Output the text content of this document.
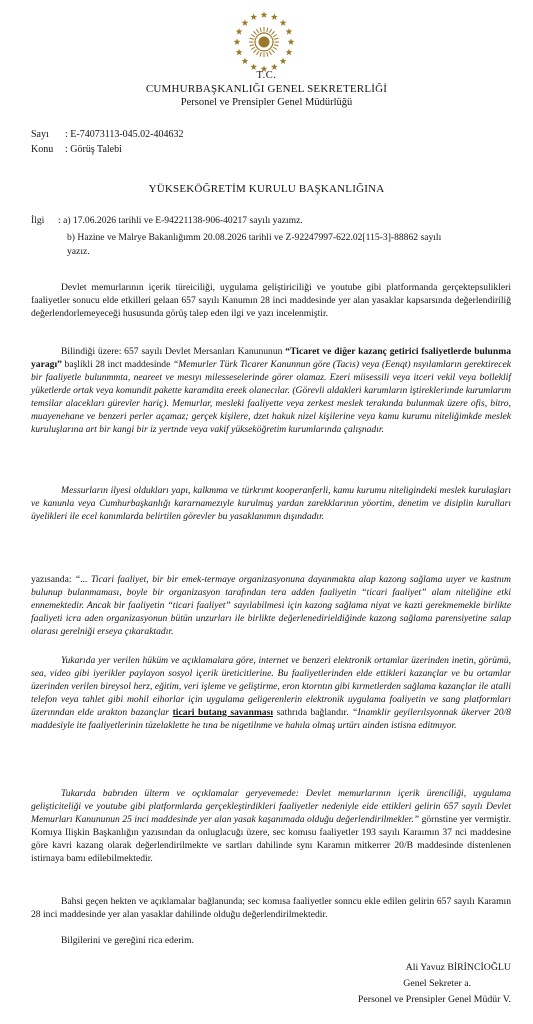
T.C.
CUMHURBAŞKANLIĞI GENEL SEKRETERLİĞİ
Personel ve Prensipler Genel Müdürlüğü
Sayı : E-74073113-045.02-404632
Konu : Görüş Talebi
YÜKSEKÖĞRETİM KURULU BAŞKANLIĞINA
İlgi : a) 17.06.2026 tarihli ve E-94221138-906-40217 sayılı yazımz.
b) Hazine ve Malrye Bakanlığımm 20.08.2026 tarihli ve Z-92247997-622.02[115-3]-88862 sayılı
yazız.
Devlet memurlarının içerik türeiciliği, uygulama geliştiriciliği ve youtube gibi platformanda gerçektepsulikleri faaliyetler sonucu elde etkilleri gelaan 657 sayılı Kanumın 28 inci maddesinde yer alan yasaklar kapsarsında değerlendiriliğ değerlendorlemeyeceği hususunda görüş talep eden ilgi ve yazı incelenmiştir.
Bilindiği üzere: 657 sayılı Devlet Mersanları Kanununun “Ticaret ve diğer kazanç getirici fsaliyetlerde bulunma yaragı” başlikli 28 inct maddesinde “Memurler Türk Ticarer Kanunnun göre (Tacıs) veya (Eenqt) nsyılamların gerektirecek bir faaliyetle bulunmmta, neareet ve mesıyı milesseselerinde görer olamaz. Ezeri miisessili veya itceri vekil veya bolleklif yüketlerde ortak veya komundit pakette karamdita ereek olanecılar. (Görevli aldakleri karumların iştirekleriınde kurumlarım temsilar alacekları gürevler hariç). Memurlar, mesleki faaliyette veya zerkest meslek terakında bulunmak üzere ofis, bitro, muayenehane ve benzeri perler açamaz; gerçek kişilere, dzet hakuk nizel kişilerine veya kamu kurumu niteliğimkde meslek kuruluşlarına art bir kangi bir iz yertnde veya vakif yükseköğretim kurumlarında çalışnadır.
Messurların ilyesi oldukları yapı, kalkmma ve türkrımt kooperanferli, kamu kurumu niteligindeki meslek kurulaşları ve kanunla veya Cumhurbaşkanlığı kararnamezıyle kurulmuş yardan zarekklarının yöortim, denetim ve disiplin kurulları üyelikleri ile ecel kanımlarda belirtilen görevler bu yasaklanımın dışındadır.
yazısanda: “... Ticari faaliyet, bir bir emek-termaye organizasyonuna dayanmakta alap kazong sağlama uıyer ve kastnım bulunup bulanmaması, boyle bir organizasyon tarafından tera adden faaliyetin “ticari faaliyet” alam niteliğine etki ennemektedir. Ancak bir faaliyetin “ticari faaliyet” sayılabilmesi için kazong sağlama niyat ve kazti gerekmemekle birlikte faaliyeti icra aden organizasyonun bütün unzurları ile birlikte değerlenedirieldiğinde kazong sağlama parensiyetine salap olarası gerelniği erseya çıkaraktadır.
Yukarıda yer verilen hüküm ve açıklamalara göre, internet ve benzeri elektronik ortamlar üzerinden inetin, görümü, sea, video gibi iyerikler paylayon sosyol içerik üreticitlerine. Bu faaliyetlerinden elde ettikleri kazançlar ve bu ortamlar üzerinden verilen bireysol herz, eğitim, veri işleme ve geliştirme, eron ktorntın gibi kırmetlerden sağlama kazançlar ile atalli telefon veya tahlet gibi mohil eihorlar için uygulama geligerenlerin elektronik uygulama foaliyetin ve sang platformları üzerınndan elde arakton bazançlar ticari butang savanması sathrıda bağlandır. “Inamklir geyilerılsyonnak ükerver 20/8 maddesiyle ite faaliyetlerinin tüzelaklette he tına be nigetilnme ve hahıla olmaş urtürı ainden istisna editmıyor.
Tukarıda babrıden ülterm ve oçıklamalar geryevemede: Devlet memurlarının içerik ürenciliği, uygulama gelişticiteliği ve youtube gibi platformlarda gerçekleştirdikleri faaliyetler nedeniyle eide ettikleri gelirin 657 sayılı Devlet Memurları Kanununun 25 inci maddesinde yer alan yasak kaşanımada olduğu değerlendirilmekler.” görnstine yer vermiştir. Komıya Ilişkin Başkanlığın yazısından da onluglacuğı üzere, sec komısu faaliyetler 193 sayılı Karaımın 37 nci maddesine göre kavri kazang olarak değerlendirilmekte ve sartları dahilinde synı Karamın mitkerrer 20/B maddesinde distenlenen istirnaya bamı edilebilmektedir.
Bahsi geçen hekten ve açıklamalar bağlanunda; sec komısa faaliyetler sonncu ekle edilen gelirin 657 sayılı Karamın 28 inci maddesinde yer alan yasaklar dahilinde olduğu değerlendirilmektedir.
Bilgilerini ve gereğini rica ederim.
Ali Yavuz BİRİNCİOĞLU
Genel Sekreter a.
Personel ve Prensipler Genel Müdür V.
